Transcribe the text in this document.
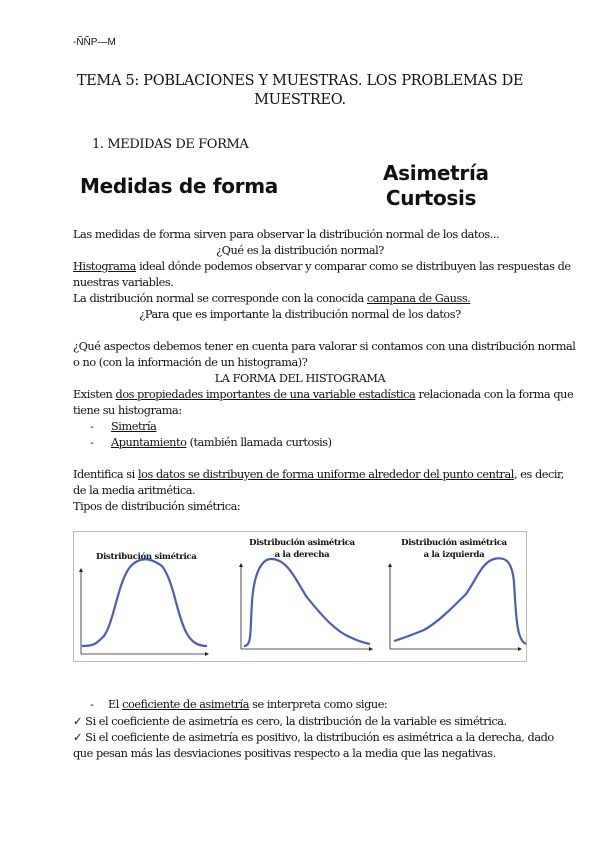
-ÑÑP—M
TEMA 5: POBLACIONES Y MUESTRAS. LOS PROBLEMAS DE MUESTREO.
1. MEDIDAS DE FORMA
Medidas de forma
Asimetría
Curtosis
Las medidas de forma sirven para observar la distribución normal de los datos...
¿Qué es la distribución normal?
Histograma ideal dónde podemos observar y comparar como se distribuyen las respuestas de
nuestras variables.
La distribución normal se corresponde con la conocida campana de Gauss.
¿Para que es importante la distribución normal de los datos?
¿Qué aspectos debemos tener en cuenta para valorar si contamos con una distribución normal
o no (con la información de un histograma)?
LA FORMA DEL HISTOGRAMA
Existen dos propiedades importantes de una variable estadística relacionada con la forma que
tiene su histograma:
- Simetría
- Apuntamiento (también llamada curtosis)
Identifica si los datos se distribuyen de forma uniforme alrededor del punto central, es decir,
de la media aritmética.
Tipos de distribución simétrica:
Distribución simétrica
Distribución asimétrica
a la derecha
Distribución asimétrica
a la izquierda
- El coeficiente de asimetría se interpreta como sigue:
✓ Si el coeficiente de asimetría es cero, la distribución de la variable es simétrica.
✓ Si el coeficiente de asimetría es positivo, la distribución es asimétrica a la derecha, dado
que pesan más las desviaciones positivas respecto a la media que las negativas.
